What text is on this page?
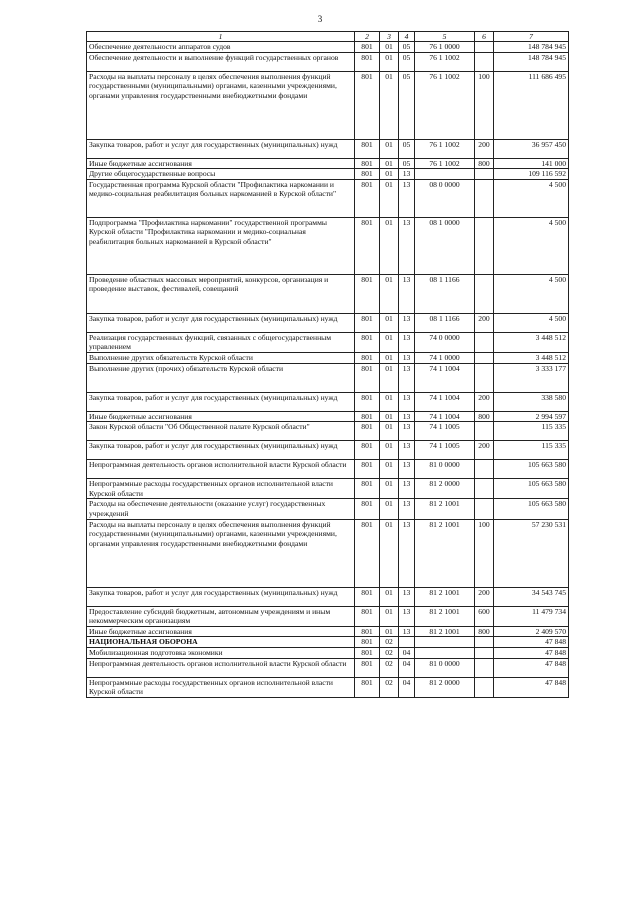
3
1	2	3	4	5	6	7
Обеспечение деятельности аппаратов судов	801	01	05	76 1 0000		148 784 945
Обеспечение деятельности и выполнение функций государственных органов	801	01	05	76 1 1002		148 784 945
Расходы на выплаты персоналу в целях обеспечения выполнения функций государственными (муниципальными) органами, казенными учреждениями, органами управления государственными внебюджетными фондами	801	01	05	76 1 1002	100	111 686 495
Закупка товаров, работ и услуг для государственных (муниципальных) нужд	801	01	05	76 1 1002	200	36 957 450
Иные бюджетные ассигнования	801	01	05	76 1 1002	800	141 000
Другие общегосударственные вопросы	801	01	13			109 116 592
Государственная программа Курской области "Профилактика наркомании и медико-социальная реабилитация больных наркоманией в Курской области"	801	01	13	08 0 0000		4 500
Подпрограмма "Профилактика наркомании" государственной программы Курской области "Профилактика наркомании и медико-социальная реабилитация больных наркоманией в Курской области"	801	01	13	08 1 0000		4 500
Проведение областных массовых мероприятий, конкурсов, организация и проведение выставок, фестивалей, совещаний	801	01	13	08 1 1166		4 500
Закупка товаров, работ и услуг для государственных (муниципальных) нужд	801	01	13	08 1 1166	200	4 500
Реализация государственных функций, связанных с общегосударственным управлением	801	01	13	74 0 0000		3 448 512
Выполнение других обязательств Курской области	801	01	13	74 1 0000		3 448 512
Выполнение других (прочих) обязательств Курской области	801	01	13	74 1 1004		3 333 177
Закупка товаров, работ и услуг для государственных (муниципальных) нужд	801	01	13	74 1 1004	200	338 580
Иные бюджетные ассигнования	801	01	13	74 1 1004	800	2 994 597
Закон Курской области "Об Общественной палате Курской области"	801	01	13	74 1 1005		115 335
Закупка товаров, работ и услуг для государственных (муниципальных) нужд	801	01	13	74 1 1005	200	115 335
Непрограммная деятельность органов исполнительной власти Курской области	801	01	13	81 0 0000		105 663 580
Непрограммные расходы государственных органов исполнительной власти Курской области	801	01	13	81 2 0000		105 663 580
Расходы на обеспечение деятельности (оказание услуг) государственных учреждений	801	01	13	81 2 1001		105 663 580
Расходы на выплаты персоналу в целях обеспечения выполнения функций государственными (муниципальными) органами, казенными учреждениями, органами управления государственными внебюджетными фондами	801	01	13	81 2 1001	100	57 230 531
Закупка товаров, работ и услуг для государственных (муниципальных) нужд	801	01	13	81 2 1001	200	34 543 745
Предоставление субсидий бюджетным, автономным учреждениям и иным некоммерческим организациям	801	01	13	81 2 1001	600	11 479 734
Иные бюджетные ассигнования	801	01	13	81 2 1001	800	2 409 570
НАЦИОНАЛЬНАЯ ОБОРОНА	801	02				47 848
Мобилизационная подготовка экономики	801	02	04			47 848
Непрограммная деятельность органов исполнительной власти Курской области	801	02	04	81 0 0000		47 848
Непрограммные расходы государственных органов исполнительной власти Курской области	801	02	04	81 2 0000		47 848
